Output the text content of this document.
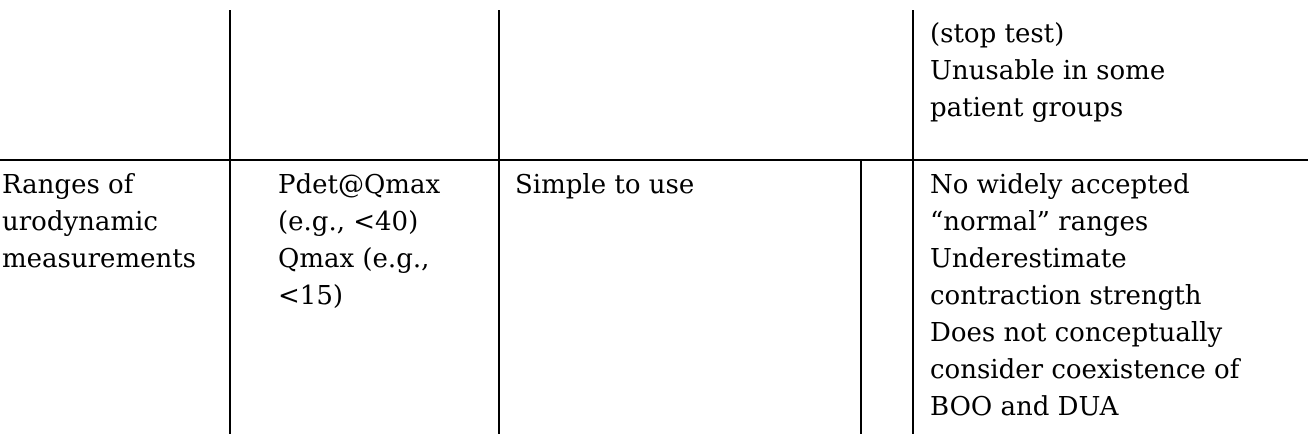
(stop test)
Unusable in some
patient groups
Ranges of
urodynamic
measurements
Pdet@Qmax
(e.g., <40)
Qmax (e.g.,
<15)
Simple to use	No widely accepted
“normal” ranges
Underestimate
contraction strength
Does not conceptually
consider coexistence of
BOO and DUA
